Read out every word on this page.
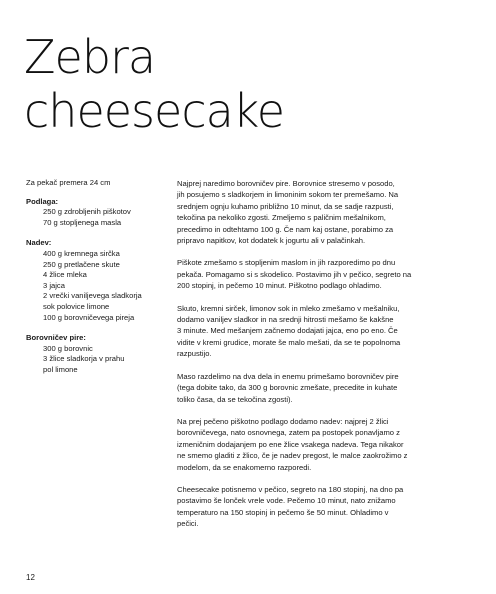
Zebra
cheesecake
Za pekač premera 24 cm
Podlaga:
250 g zdrobljenih piškotov
70 g stopljenega masla
Nadev:
400 g kremnega sirčka
250 g pretlačene skute
4 žlice mleka
3 jajca
2 vrečki vaniljevega sladkorja
sok polovice limone
100 g borovničevega pireja
Borovničev pire:
300 g borovnic
3 žlice sladkorja v prahu
pol limone

Najprej naredimo borovničev pire. Borovnice stresemo v posodo,
jih posujemo s sladkorjem in limoninim sokom ter premešamo. Na
srednjem ognju kuhamo približno 10 minut, da se sadje razpusti,
tekočina pa nekoliko zgosti. Zmeljemo s paličnim mešalnikom,
precedimo in odtehtamo 100 g. Če nam kaj ostane, porabimo za
pripravo napitkov, kot dodatek k jogurtu ali v palačinkah.

Piškote zmešamo s stopljenim maslom in jih razporedimo po dnu
pekača. Pomagamo si s skodelico. Postavimo jih v pečico, segreto na
200 stopinj, in pečemo 10 minut. Piškotno podlago ohladimo.

Skuto, kremni sirček, limonov sok in mleko zmešamo v mešalniku,
dodamo vaniljev sladkor in na srednji hitrosti mešamo še kakšne
3 minute. Med mešanjem začnemo dodajati jajca, eno po eno. Če
vidite v kremi grudice, morate še malo mešati, da se te popolnoma
razpustijo.

Maso razdelimo na dva dela in enemu primešamo borovničev pire
(tega dobite tako, da 300 g borovnic zmešate, precedite in kuhate
toliko časa, da se tekočina zgosti).

Na prej pečeno piškotno podlago dodamo nadev: najprej 2 žlici
borovničevega, nato osnovnega, zatem pa postopek ponavljamo z
izmeničnim dodajanjem po ene žlice vsakega nadeva. Tega nikakor
ne smemo gladiti z žlico, če je nadev pregost, le malce zaokrožimo z
modelom, da se enakomerno razporedi.

Cheesecake potisnemo v pečico, segreto na 180 stopinj, na dno pa
postavimo še lonček vrele vode. Pečemo 10 minut, nato znižamo
temperaturo na 150 stopinj in pečemo še 50 minut. Ohladimo v
pečici.

12
